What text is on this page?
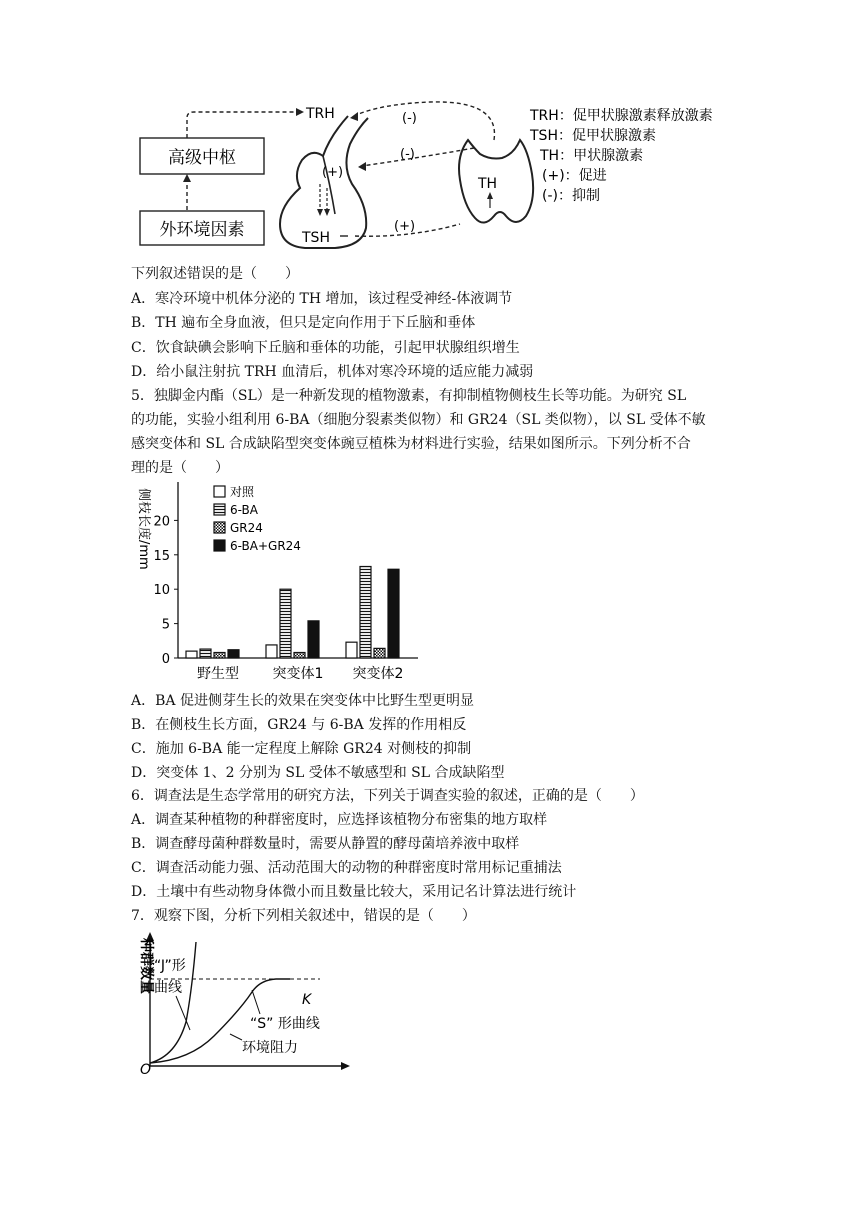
高级中枢
外环境因素
TRH
(+)
TSH
(+)
TH
(-)
(-)
TRH：促甲状腺激素释放激素
TSH：促甲状腺激素
TH：甲状腺激素
(+)：促进
(-)：抑制
下列叙述错误的是（　　）
A．寒冷环境中机体分泌的 TH 增加，该过程受神经-体液调节
B．TH 遍布全身血液，但只是定向作用于下丘脑和垂体
C．饮食缺碘会影响下丘脑和垂体的功能，引起甲状腺组织增生
D．给小鼠注射抗 TRH 血清后，机体对寒冷环境的适应能力减弱
5．独脚金内酯（SL）是一种新发现的植物激素，有抑制植物侧枝生长等功能。为研究 SL
的功能，实验小组利用 6-BA（细胞分裂素类似物）和 GR24（SL 类似物），以 SL 受体不敏
感突变体和 SL 合成缺陷型突变体豌豆植株为材料进行实验，结果如图所示。下列分析不合
理的是（　　）
0
5
10
15
20
侧枝长度/mm
野生型 突变体1 突变体2
对照
6-BA
GR24
6-BA+GR24
A．BA 促进侧芽生长的效果在突变体中比野生型更明显
B．在侧枝生长方面，GR24 与 6-BA 发挥的作用相反
C．施加 6-BA 能一定程度上解除 GR24 对侧枝的抑制
D．突变体 1、2 分别为 SL 受体不敏感型和 SL 合成缺陷型
6．调查法是生态学常用的研究方法，下列关于调查实验的叙述，正确的是（　　）
A．调查某种植物的种群密度时，应选择该植物分布密集的地方取样
B．调查酵母菌种群数量时，需要从静置的酵母菌培养液中取样
C．调查活动能力强、活动范围大的动物的种群密度时常用标记重捕法
D．土壤中有些动物身体微小而且数量比较大，采用记名计算法进行统计
7．观察下图，分析下列相关叙述中，错误的是（　　）
种群数量
O
K
“J”形
曲线
“S” 形曲线
环境阻力
